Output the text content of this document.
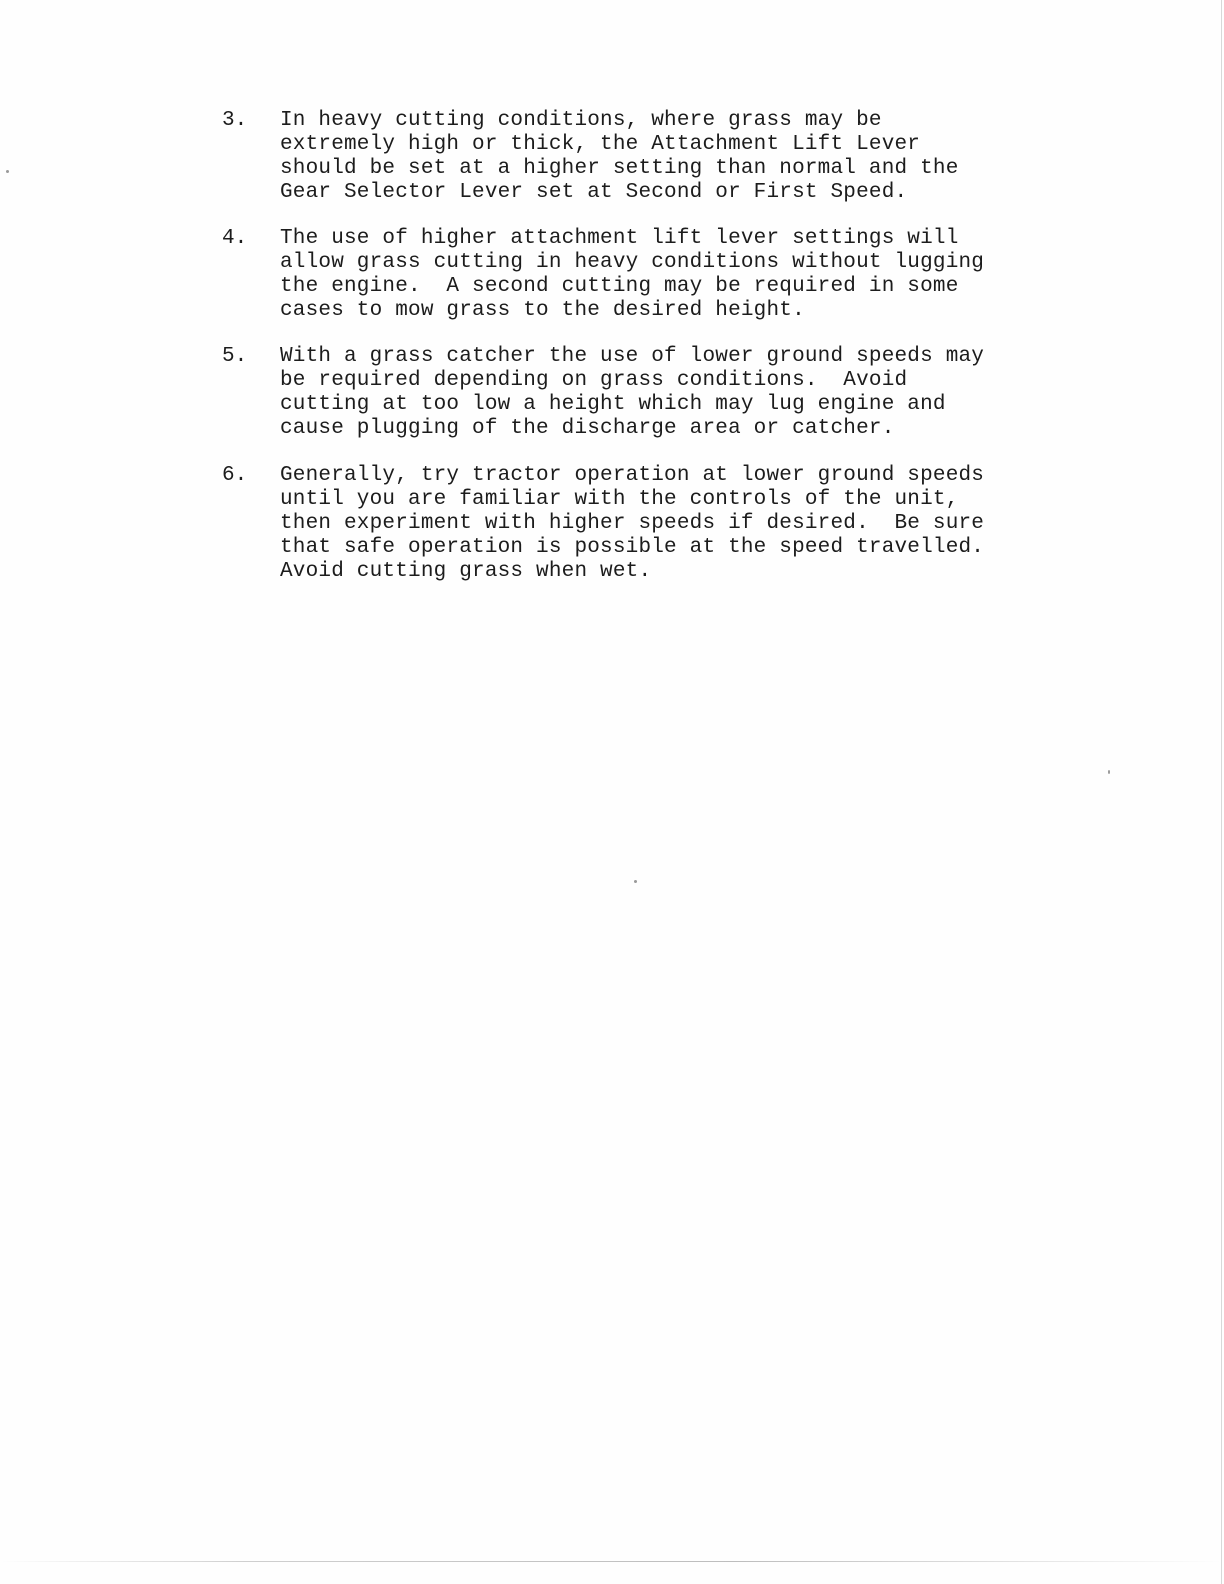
3.	In heavy cutting conditions, where grass may be
extremely high or thick, the Attachment Lift Lever
should be set at a higher setting than normal and the
Gear Selector Lever set at Second or First Speed.
4.	The use of higher attachment lift lever settings will
allow grass cutting in heavy conditions without lugging
the engine.  A second cutting may be required in some
cases to mow grass to the desired height.
5.	With a grass catcher the use of lower ground speeds may
be required depending on grass conditions.  Avoid
cutting at too low a height which may lug engine and
cause plugging of the discharge area or catcher.
6.	Generally, try tractor operation at lower ground speeds
until you are familiar with the controls of the unit,
then experiment with higher speeds if desired.  Be sure
that safe operation is possible at the speed travelled.
Avoid cutting grass when wet.
